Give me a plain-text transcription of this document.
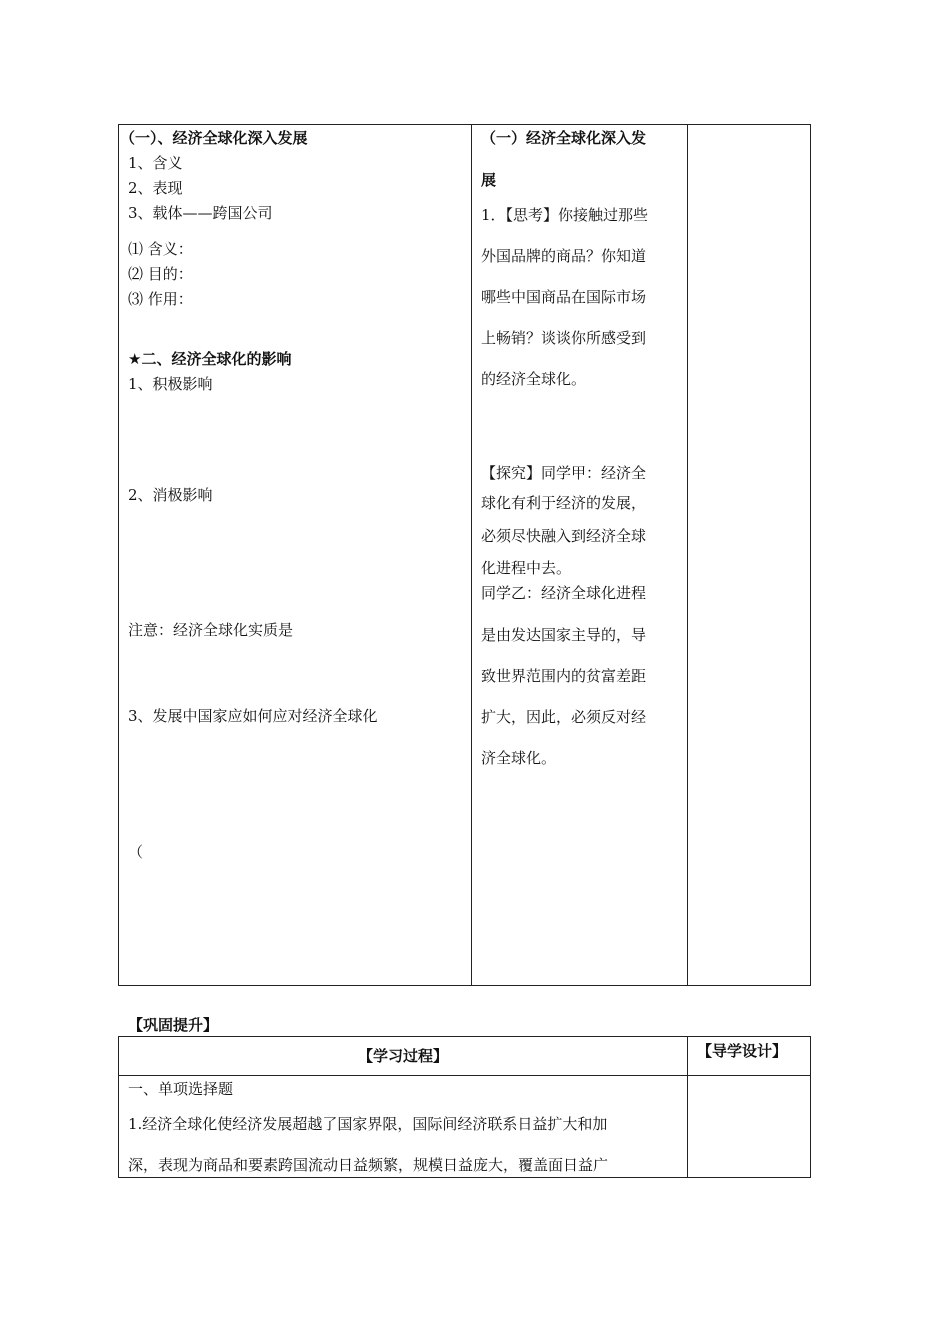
（一）、经济全球化深入发展
1、含义
2、表现
3、载体——跨国公司
⑴ 含义：
⑵ 目的：
⑶ 作用：
★二、经济全球化的影响
1、积极影响
2、消极影响
注意：经济全球化实质是
3、发展中国家应如何应对经济全球化
（
（一）经济全球化深入发
展
1．【思考】你接触过那些
外国品牌的商品？你知道
哪些中国商品在国际市场
上畅销？谈谈你所感受到
的经济全球化。
【探究】同学甲：经济全
球化有利于经济的发展，
必须尽快融入到经济全球
化进程中去。
同学乙：经济全球化进程
是由发达国家主导的，导
致世界范围内的贫富差距
扩大，因此，必须反对经
济全球化。
【巩固提升】
【学习过程】	【导学设计】
一、单项选择题
1.经济全球化使经济发展超越了国家界限，国际间经济联系日益扩大和加
深，表现为商品和要素跨国流动日益频繁，规模日益庞大，覆盖面日益广
